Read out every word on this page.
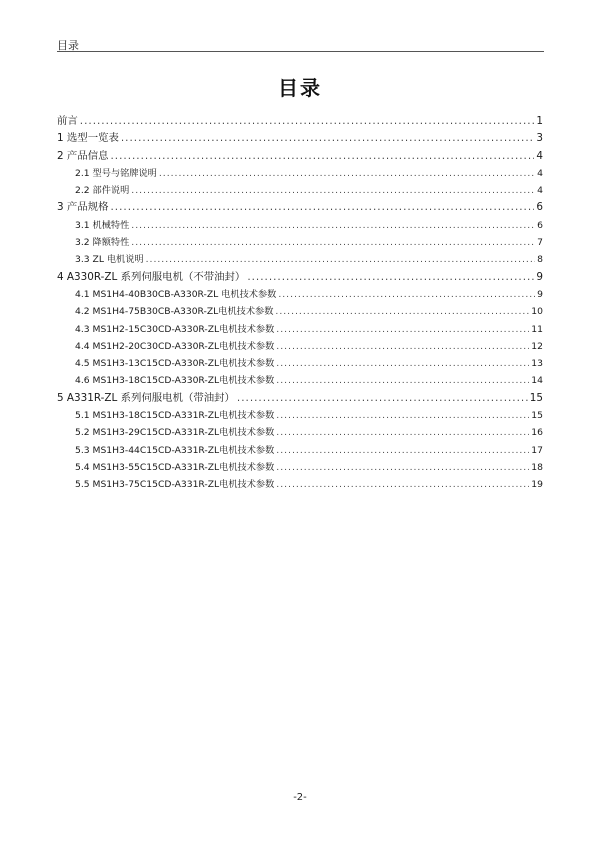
目录
目录
前言 .....	1
1 选型一览表 .....	3
2 产品信息 .....	4
2.1 型号与铭牌说明 .....	4
2.2 部件说明 .....	4
3 产品规格 .....	6
3.1 机械特性 .....	6
3.2 降额特性 .....	7
3.3 ZL 电机说明 .....	8
4 A330R-ZL 系列伺服电机（不带油封） .....	9
4.1 MS1H4-40B30CB-A330R-ZL 电机技术参数 .....	9
4.2 MS1H4-75B30CB-A330R-ZL电机技术参数 .....	10
4.3 MS1H2-15C30CD-A330R-ZL电机技术参数 .....	11
4.4 MS1H2-20C30CD-A330R-ZL电机技术参数 .....	12
4.5 MS1H3-13C15CD-A330R-ZL电机技术参数 .....	13
4.6 MS1H3-18C15CD-A330R-ZL电机技术参数 .....	14
5 A331R-ZL 系列伺服电机（带油封） .....	15
5.1 MS1H3-18C15CD-A331R-ZL电机技术参数 .....	15
5.2 MS1H3-29C15CD-A331R-ZL电机技术参数 .....	16
5.3 MS1H3-44C15CD-A331R-ZL电机技术参数 .....	17
5.4 MS1H3-55C15CD-A331R-ZL电机技术参数 .....	18
5.5 MS1H3-75C15CD-A331R-ZL电机技术参数 .....	19
-2-
